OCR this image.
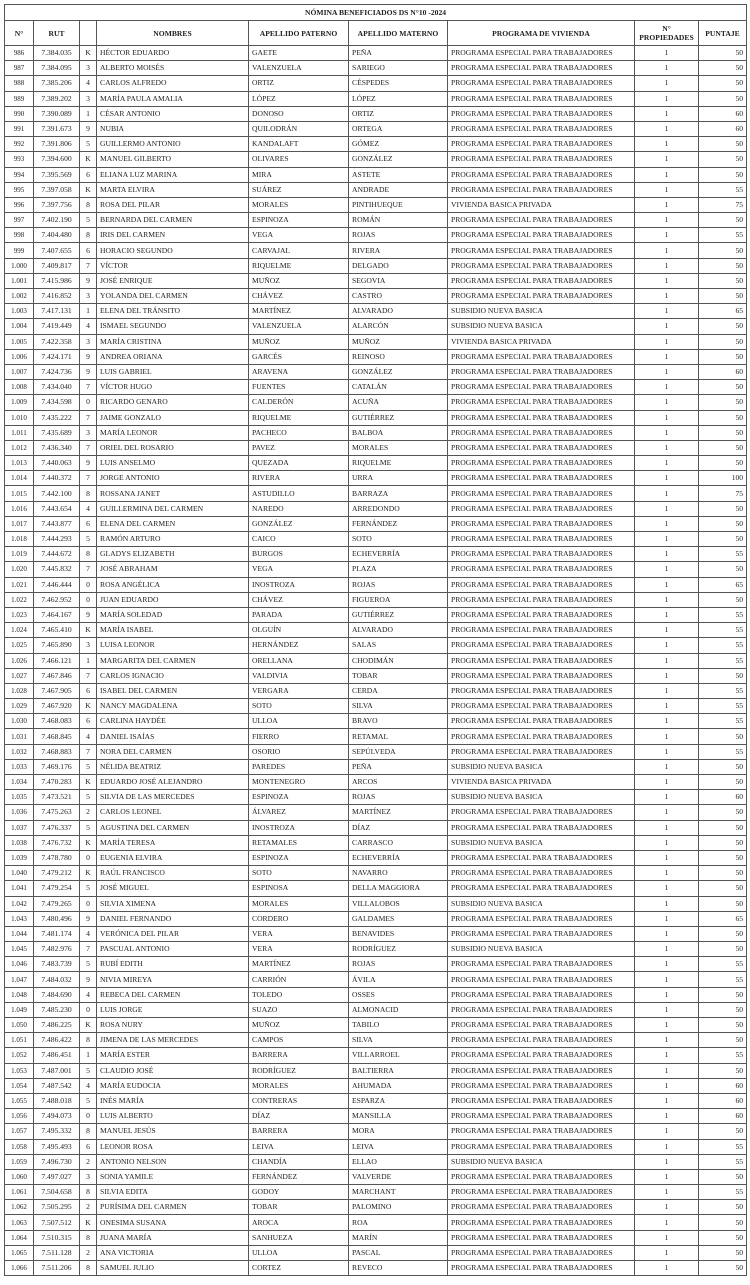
NÓMINA BENEFICIADOS DS N°10 -2024								
N°	RUT		NOMBRES	APELLIDO PATERNO	APELLIDO MATERNO	PROGRAMA DE VIVIENDA	N° PROPIEDADES	PUNTAJE
986	7.384.035	K	HÉCTOR EDUARDO	GAETE	PEÑA	PROGRAMA ESPECIAL PARA TRABAJADORES	1	50
987	7.384.095	3	ALBERTO MOISÉS	VALENZUELA	SARIEGO	PROGRAMA ESPECIAL PARA TRABAJADORES	1	50
988	7.385.206	4	CARLOS ALFREDO	ORTIZ	CÉSPEDES	PROGRAMA ESPECIAL PARA TRABAJADORES	1	50
989	7.389.202	3	MARÍA PAULA AMALIA	LÓPEZ	LÓPEZ	PROGRAMA ESPECIAL PARA TRABAJADORES	1	50
990	7.390.089	1	CÉSAR ANTONIO	DONOSO	ORTIZ	PROGRAMA ESPECIAL PARA TRABAJADORES	1	60
991	7.391.673	9	NUBIA	QUILODRÁN	ORTEGA	PROGRAMA ESPECIAL PARA TRABAJADORES	1	60
992	7.391.806	5	GUILLERMO ANTONIO	KANDALAFT	GÓMEZ	PROGRAMA ESPECIAL PARA TRABAJADORES	1	50
993	7.394.600	K	MANUEL GILBERTO	OLIVARES	GONZÁLEZ	PROGRAMA ESPECIAL PARA TRABAJADORES	1	50
994	7.395.569	6	ELIANA LUZ MARINA	MIRA	ASTETE	PROGRAMA ESPECIAL PARA TRABAJADORES	1	50
995	7.397.058	K	MARTA ELVIRA	SUÁREZ	ANDRADE	PROGRAMA ESPECIAL PARA TRABAJADORES	1	55
996	7.397.756	8	ROSA DEL PILAR	MORALES	PINTIHUEQUE	VIVIENDA BASICA PRIVADA	1	75
997	7.402.190	5	BERNARDA DEL CARMEN	ESPINOZA	ROMÁN	PROGRAMA ESPECIAL PARA TRABAJADORES	1	50
998	7.404.480	8	IRIS DEL CARMEN	VEGA	ROJAS	PROGRAMA ESPECIAL PARA TRABAJADORES	1	55
999	7.407.655	6	HORACIO SEGUNDO	CARVAJAL	RIVERA	PROGRAMA ESPECIAL PARA TRABAJADORES	1	50
1.000	7.409.817	7	VÍCTOR	RIQUELME	DELGADO	PROGRAMA ESPECIAL PARA TRABAJADORES	1	50
1.001	7.415.986	9	JOSÉ ENRIQUE	MUÑOZ	SEGOVIA	PROGRAMA ESPECIAL PARA TRABAJADORES	1	50
1.002	7.416.852	3	YOLANDA DEL CARMEN	CHÁVEZ	CASTRO	PROGRAMA ESPECIAL PARA TRABAJADORES	1	50
1.003	7.417.131	1	ELENA DEL TRÁNSITO	MARTÍNEZ	ALVARADO	SUBSIDIO NUEVA BASICA	1	65
1.004	7.419.449	4	ISMAEL SEGUNDO	VALENZUELA	ALARCÓN	SUBSIDIO NUEVA BASICA	1	50
1.005	7.422.358	3	MARÍA CRISTINA	MUÑOZ	MUÑOZ	VIVIENDA BASICA PRIVADA	1	50
1.006	7.424.171	9	ANDREA ORIANA	GARCÉS	REINOSO	PROGRAMA ESPECIAL PARA TRABAJADORES	1	50
1.007	7.424.736	9	LUIS GABRIEL	ARAVENA	GONZÁLEZ	PROGRAMA ESPECIAL PARA TRABAJADORES	1	60
1.008	7.434.040	7	VÍCTOR HUGO	FUENTES	CATALÁN	PROGRAMA ESPECIAL PARA TRABAJADORES	1	50
1.009	7.434.598	0	RICARDO GENARO	CALDERÓN	ACUÑA	PROGRAMA ESPECIAL PARA TRABAJADORES	1	50
1.010	7.435.222	7	JAIME GONZALO	RIQUELME	GUTIÉRREZ	PROGRAMA ESPECIAL PARA TRABAJADORES	1	50
1.011	7.435.689	3	MARÍA LEONOR	PACHECO	BALBOA	PROGRAMA ESPECIAL PARA TRABAJADORES	1	50
1.012	7.436.340	7	ORIEL DEL ROSARIO	PAVEZ	MORALES	PROGRAMA ESPECIAL PARA TRABAJADORES	1	50
1.013	7.440.063	9	LUIS ANSELMO	QUEZADA	RIQUELME	PROGRAMA ESPECIAL PARA TRABAJADORES	1	50
1.014	7.440.372	7	JORGE ANTONIO	RIVERA	URRA	PROGRAMA ESPECIAL PARA TRABAJADORES	1	100
1.015	7.442.100	8	ROSSANA JANET	ASTUDILLO	BARRAZA	PROGRAMA ESPECIAL PARA TRABAJADORES	1	75
1.016	7.443.654	4	GUILLERMINA DEL CARMEN	NAREDO	ARREDONDO	PROGRAMA ESPECIAL PARA TRABAJADORES	1	50
1.017	7.443.877	6	ELENA DEL CARMEN	GONZÁLEZ	FERNÁNDEZ	PROGRAMA ESPECIAL PARA TRABAJADORES	1	50
1.018	7.444.293	5	RAMÓN ARTURO	CAICO	SOTO	PROGRAMA ESPECIAL PARA TRABAJADORES	1	50
1.019	7.444.672	8	GLADYS ELIZABETH	BURGOS	ECHEVERRÍA	PROGRAMA ESPECIAL PARA TRABAJADORES	1	55
1.020	7.445.832	7	JOSÉ ABRAHAM	VEGA	PLAZA	PROGRAMA ESPECIAL PARA TRABAJADORES	1	50
1.021	7.446.444	0	ROSA ANGÉLICA	INOSTROZA	ROJAS	PROGRAMA ESPECIAL PARA TRABAJADORES	1	65
1.022	7.462.952	0	JUAN EDUARDO	CHÁVEZ	FIGUEROA	PROGRAMA ESPECIAL PARA TRABAJADORES	1	50
1.023	7.464.167	9	MARÍA SOLEDAD	PARADA	GUTIÉRREZ	PROGRAMA ESPECIAL PARA TRABAJADORES	1	55
1.024	7.465.410	K	MARÍA ISABEL	OLGUÍN	ALVARADO	PROGRAMA ESPECIAL PARA TRABAJADORES	1	55
1.025	7.465.890	3	LUISA LEONOR	HERNÁNDEZ	SALAS	PROGRAMA ESPECIAL PARA TRABAJADORES	1	55
1.026	7.466.121	1	MARGARITA DEL CARMEN	ORELLANA	CHODIMÁN	PROGRAMA ESPECIAL PARA TRABAJADORES	1	55
1.027	7.467.846	7	CARLOS IGNACIO	VALDIVIA	TOBAR	PROGRAMA ESPECIAL PARA TRABAJADORES	1	50
1.028	7.467.905	6	ISABEL DEL CARMEN	VERGARA	CERDA	PROGRAMA ESPECIAL PARA TRABAJADORES	1	55
1.029	7.467.920	K	NANCY MAGDALENA	SOTO	SILVA	PROGRAMA ESPECIAL PARA TRABAJADORES	1	55
1.030	7.468.083	6	CARLINA HAYDÉE	ULLOA	BRAVO	PROGRAMA ESPECIAL PARA TRABAJADORES	1	55
1.031	7.468.845	4	DANIEL ISAÍAS	FIERRO	RETAMAL	PROGRAMA ESPECIAL PARA TRABAJADORES	1	50
1.032	7.468.883	7	NORA DEL CARMEN	OSORIO	SEPÚLVEDA	PROGRAMA ESPECIAL PARA TRABAJADORES	1	55
1.033	7.469.176	5	NÉLIDA BEATRIZ	PAREDES	PEÑA	SUBSIDIO NUEVA BASICA	1	50
1.034	7.470.283	K	EDUARDO JOSÉ ALEJANDRO	MONTENEGRO	ARCOS	VIVIENDA BASICA PRIVADA	1	50
1.035	7.473.521	5	SILVIA DE LAS MERCEDES	ESPINOZA	ROJAS	SUBSIDIO NUEVA BASICA	1	60
1.036	7.475.263	2	CARLOS LEONEL	ÁLVAREZ	MARTÍNEZ	PROGRAMA ESPECIAL PARA TRABAJADORES	1	50
1.037	7.476.337	5	AGUSTINA DEL CARMEN	INOSTROZA	DÍAZ	PROGRAMA ESPECIAL PARA TRABAJADORES	1	50
1.038	7.476.732	K	MARÍA TERESA	RETAMALES	CARRASCO	SUBSIDIO NUEVA BASICA	1	50
1.039	7.478.780	0	EUGENIA ELVIRA	ESPINOZA	ECHEVERRÍA	PROGRAMA ESPECIAL PARA TRABAJADORES	1	50
1.040	7.479.212	K	RAÚL FRANCISCO	SOTO	NAVARRO	PROGRAMA ESPECIAL PARA TRABAJADORES	1	50
1.041	7.479.254	5	JOSÉ MIGUEL	ESPINOSA	DELLA MAGGIORA	PROGRAMA ESPECIAL PARA TRABAJADORES	1	50
1.042	7.479.265	0	SILVIA XIMENA	MORALES	VILLALOBOS	SUBSIDIO NUEVA BASICA	1	50
1.043	7.480.496	9	DANIEL FERNANDO	CORDERO	GALDAMES	PROGRAMA ESPECIAL PARA TRABAJADORES	1	65
1.044	7.481.174	4	VERÓNICA DEL PILAR	VERA	BENAVIDES	PROGRAMA ESPECIAL PARA TRABAJADORES	1	50
1.045	7.482.976	7	PASCUAL ANTONIO	VERA	RODRÍGUEZ	SUBSIDIO NUEVA BASICA	1	50
1.046	7.483.739	5	RUBÍ EDITH	MARTÍNEZ	ROJAS	PROGRAMA ESPECIAL PARA TRABAJADORES	1	55
1.047	7.484.032	9	NIVIA MIREYA	CARRIÓN	ÁVILA	PROGRAMA ESPECIAL PARA TRABAJADORES	1	55
1.048	7.484.690	4	REBECA DEL CARMEN	TOLEDO	OSSES	PROGRAMA ESPECIAL PARA TRABAJADORES	1	50
1.049	7.485.230	0	LUIS JORGE	SUAZO	ALMONACID	PROGRAMA ESPECIAL PARA TRABAJADORES	1	50
1.050	7.486.225	K	ROSA NURY	MUÑOZ	TABILO	PROGRAMA ESPECIAL PARA TRABAJADORES	1	50
1.051	7.486.422	8	JIMENA DE LAS MERCEDES	CAMPOS	SILVA	PROGRAMA ESPECIAL PARA TRABAJADORES	1	50
1.052	7.486.451	1	MARÍA ESTER	BARRERA	VILLARROEL	PROGRAMA ESPECIAL PARA TRABAJADORES	1	55
1.053	7.487.001	5	CLAUDIO JOSÉ	RODRÍGUEZ	BALTIERRA	PROGRAMA ESPECIAL PARA TRABAJADORES	1	50
1.054	7.487.542	4	MARÍA EUDOCIA	MORALES	AHUMADA	PROGRAMA ESPECIAL PARA TRABAJADORES	1	60
1.055	7.488.018	5	INÉS MARÍA	CONTRERAS	ESPARZA	PROGRAMA ESPECIAL PARA TRABAJADORES	1	60
1.056	7.494.073	0	LUIS ALBERTO	DÍAZ	MANSILLA	PROGRAMA ESPECIAL PARA TRABAJADORES	1	60
1.057	7.495.332	8	MANUEL JESÚS	BARRERA	MORA	PROGRAMA ESPECIAL PARA TRABAJADORES	1	50
1.058	7.495.493	6	LEONOR ROSA	LEIVA	LEIVA	PROGRAMA ESPECIAL PARA TRABAJADORES	1	55
1.059	7.496.730	2	ANTONIO NELSON	CHANDÍA	ELLAO	SUBSIDIO NUEVA BASICA	1	55
1.060	7.497.027	3	SONIA YAMILE	FERNÁNDEZ	VALVERDE	PROGRAMA ESPECIAL PARA TRABAJADORES	1	50
1.061	7.504.658	8	SILVIA EDITA	GODOY	MARCHANT	PROGRAMA ESPECIAL PARA TRABAJADORES	1	55
1.062	7.505.295	2	PURÍSIMA DEL CARMEN	TOBAR	PALOMINO	PROGRAMA ESPECIAL PARA TRABAJADORES	1	50
1.063	7.507.512	K	ONESIMA SUSANA	AROCA	ROA	PROGRAMA ESPECIAL PARA TRABAJADORES	1	50
1.064	7.510.315	8	JUANA MARÍA	SANHUEZA	MARÍN	PROGRAMA ESPECIAL PARA TRABAJADORES	1	50
1.065	7.511.128	2	ANA VICTORIA	ULLOA	PASCAL	PROGRAMA ESPECIAL PARA TRABAJADORES	1	50
1.066	7.511.206	8	SAMUEL JULIO	CORTEZ	REVECO	PROGRAMA ESPECIAL PARA TRABAJADORES	1	50
